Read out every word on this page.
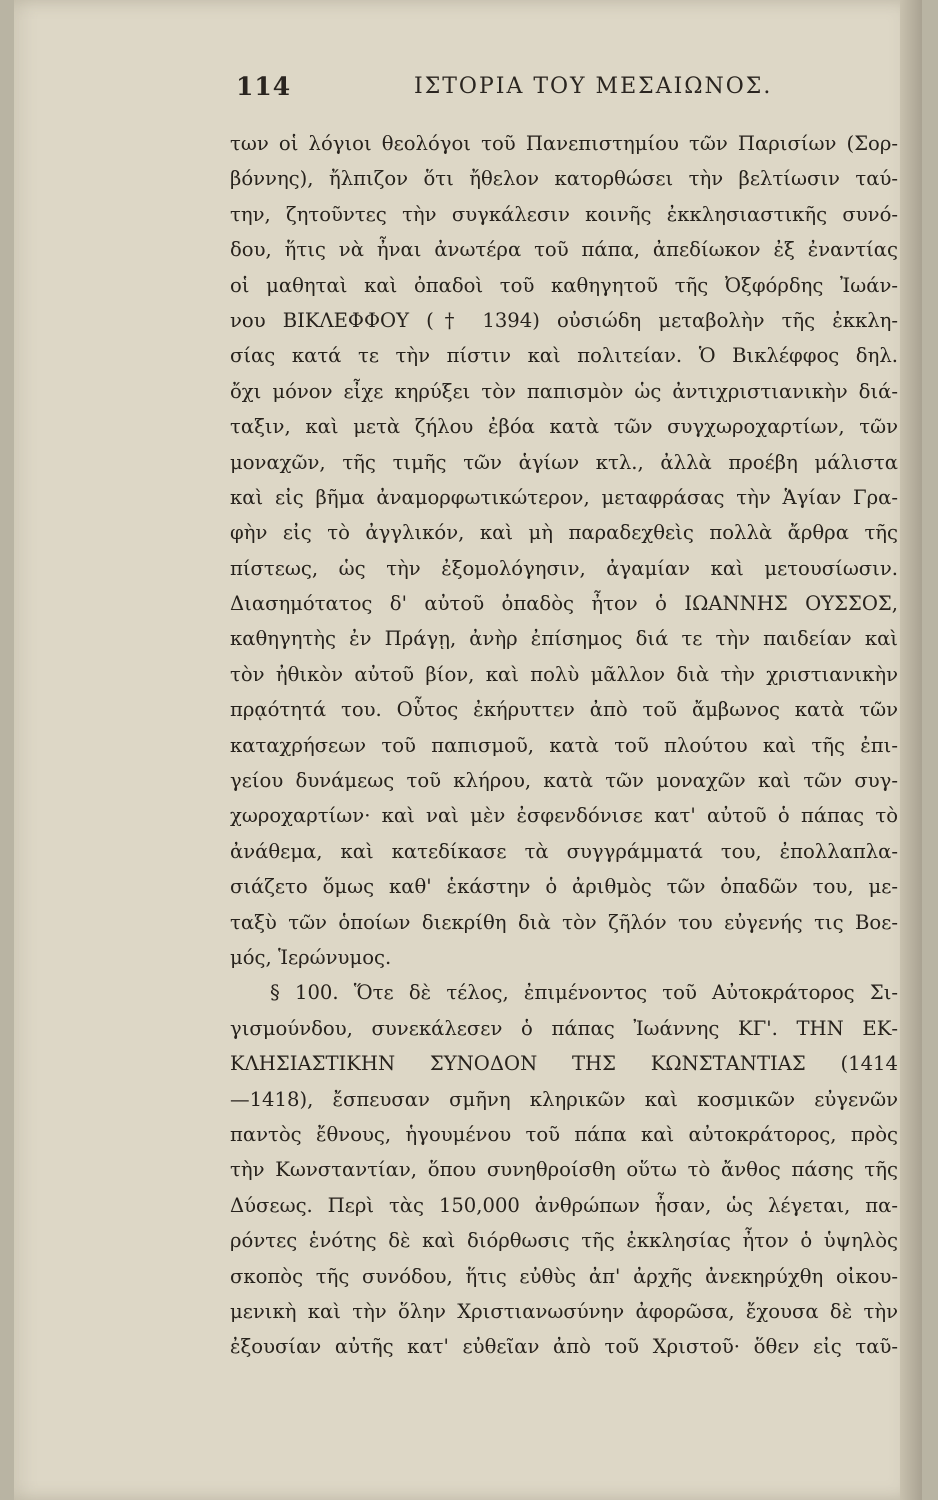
114	ΙΣΤΟΡΙΑ ΤΟΥ ΜΕΣΑΙΩΝΟΣ.
των οἱ λόγιοι θεολόγοι τοῦ Πανεπιστημίου τῶν Παρισίων (Σορ-
βόννης), ἤλπιζον ὅτι ἤθελον κατορθώσει τὴν βελτίωσιν ταύ-
την, ζητοῦντες τὴν συγκάλεσιν κοινῆς ἐκκλησιαστικῆς συνό-
δου, ἥτις νὰ ἦναι ἀνωτέρα τοῦ πάπα, ἀπεδίωκον ἐξ ἐναντίας
οἱ μαθηταὶ καὶ ὀπαδοὶ τοῦ καθηγητοῦ τῆς Ὀξφόρδης Ἰωάν-
νου ΒΙΚΛΕΦΦΟΥ († 1394) οὐσιώδη μεταβολὴν τῆς ἐκκλη-
σίας κατά τε τὴν πίστιν καὶ πολιτείαν. Ὁ Βικλέφφος δηλ.
ὄχι μόνον εἶχε κηρύξει τὸν παπισμὸν ὡς ἀντιχριστιανικὴν διά-
ταξιν, καὶ μετὰ ζήλου ἐβόα κατὰ τῶν συγχωροχαρτίων, τῶν
μοναχῶν, τῆς τιμῆς τῶν ἁγίων κτλ., ἀλλὰ προέβη μάλιστα
καὶ εἰς βῆμα ἀναμορφωτικώτερον, μεταφράσας τὴν Ἁγίαν Γρα-
φὴν εἰς τὸ ἀγγλικόν, καὶ μὴ παραδεχθεὶς πολλὰ ἄρθρα τῆς
πίστεως, ὡς τὴν ἐξομολόγησιν, ἀγαμίαν καὶ μετουσίωσιν.
Διασημότατος δ' αὐτοῦ ὀπαδὸς ἦτον ὁ ΙΩΑΝΝΗΣ ΟΥΣΣΟΣ,
καθηγητὴς ἐν Πράγῃ, ἀνὴρ ἐπίσημος διά τε τὴν παιδείαν καὶ
τὸν ἠθικὸν αὐτοῦ βίον, καὶ πολὺ μᾶλλον διὰ τὴν χριστιανικὴν
πρᾳότητά του. Οὗτος ἐκήρυττεν ἀπὸ τοῦ ἄμβωνος κατὰ τῶν
καταχρήσεων τοῦ παπισμοῦ, κατὰ τοῦ πλούτου καὶ τῆς ἐπι-
γείου δυνάμεως τοῦ κλήρου, κατὰ τῶν μοναχῶν καὶ τῶν συγ-
χωροχαρτίων· καὶ ναὶ μὲν ἐσφενδόνισε κατ' αὐτοῦ ὁ πάπας τὸ
ἀνάθεμα, καὶ κατεδίκασε τὰ συγγράμματά του, ἐπολλαπλα-
σιάζετο ὅμως καθ' ἑκάστην ὁ ἀριθμὸς τῶν ὀπαδῶν του, με-
ταξὺ τῶν ὁποίων διεκρίθη διὰ τὸν ζῆλόν του εὐγενής τις Βοε-
μός, Ἱερώνυμος.
§ 100. Ὅτε δὲ τέλος, ἐπιμένοντος τοῦ Αὐτοκράτορος Σι-
γισμούνδου, συνεκάλεσεν ὁ πάπας Ἰωάννης ΚΓ'. ΤΗΝ ΕΚ-
ΚΛΗΣΙΑΣΤΙΚΗΝ ΣΥΝΟΔΟΝ ΤΗΣ ΚΩΝΣΤΑΝΤΙΑΣ (1414
—1418), ἔσπευσαν σμῆνη κληρικῶν καὶ κοσμικῶν εὐγενῶν
παντὸς ἔθνους, ἡγουμένου τοῦ πάπα καὶ αὐτοκράτορος, πρὸς
τὴν Κωνσταντίαν, ὅπου συνηθροίσθη οὕτω τὸ ἄνθος πάσης τῆς
Δύσεως. Περὶ τὰς 150,000 ἀνθρώπων ἦσαν, ὡς λέγεται, πα-
ρόντες ἑνότης δὲ καὶ διόρθωσις τῆς ἐκκλησίας ἦτον ὁ ὑψηλὸς
σκοπὸς τῆς συνόδου, ἥτις εὐθὺς ἀπ' ἀρχῆς ἀνεκηρύχθη οἰκου-
μενικὴ καὶ τὴν ὅλην Χριστιανωσύνην ἀφορῶσα, ἔχουσα δὲ τὴν
ἐξουσίαν αὐτῆς κατ' εὐθεῖαν ἀπὸ τοῦ Χριστοῦ· ὅθεν εἰς ταῦ-
